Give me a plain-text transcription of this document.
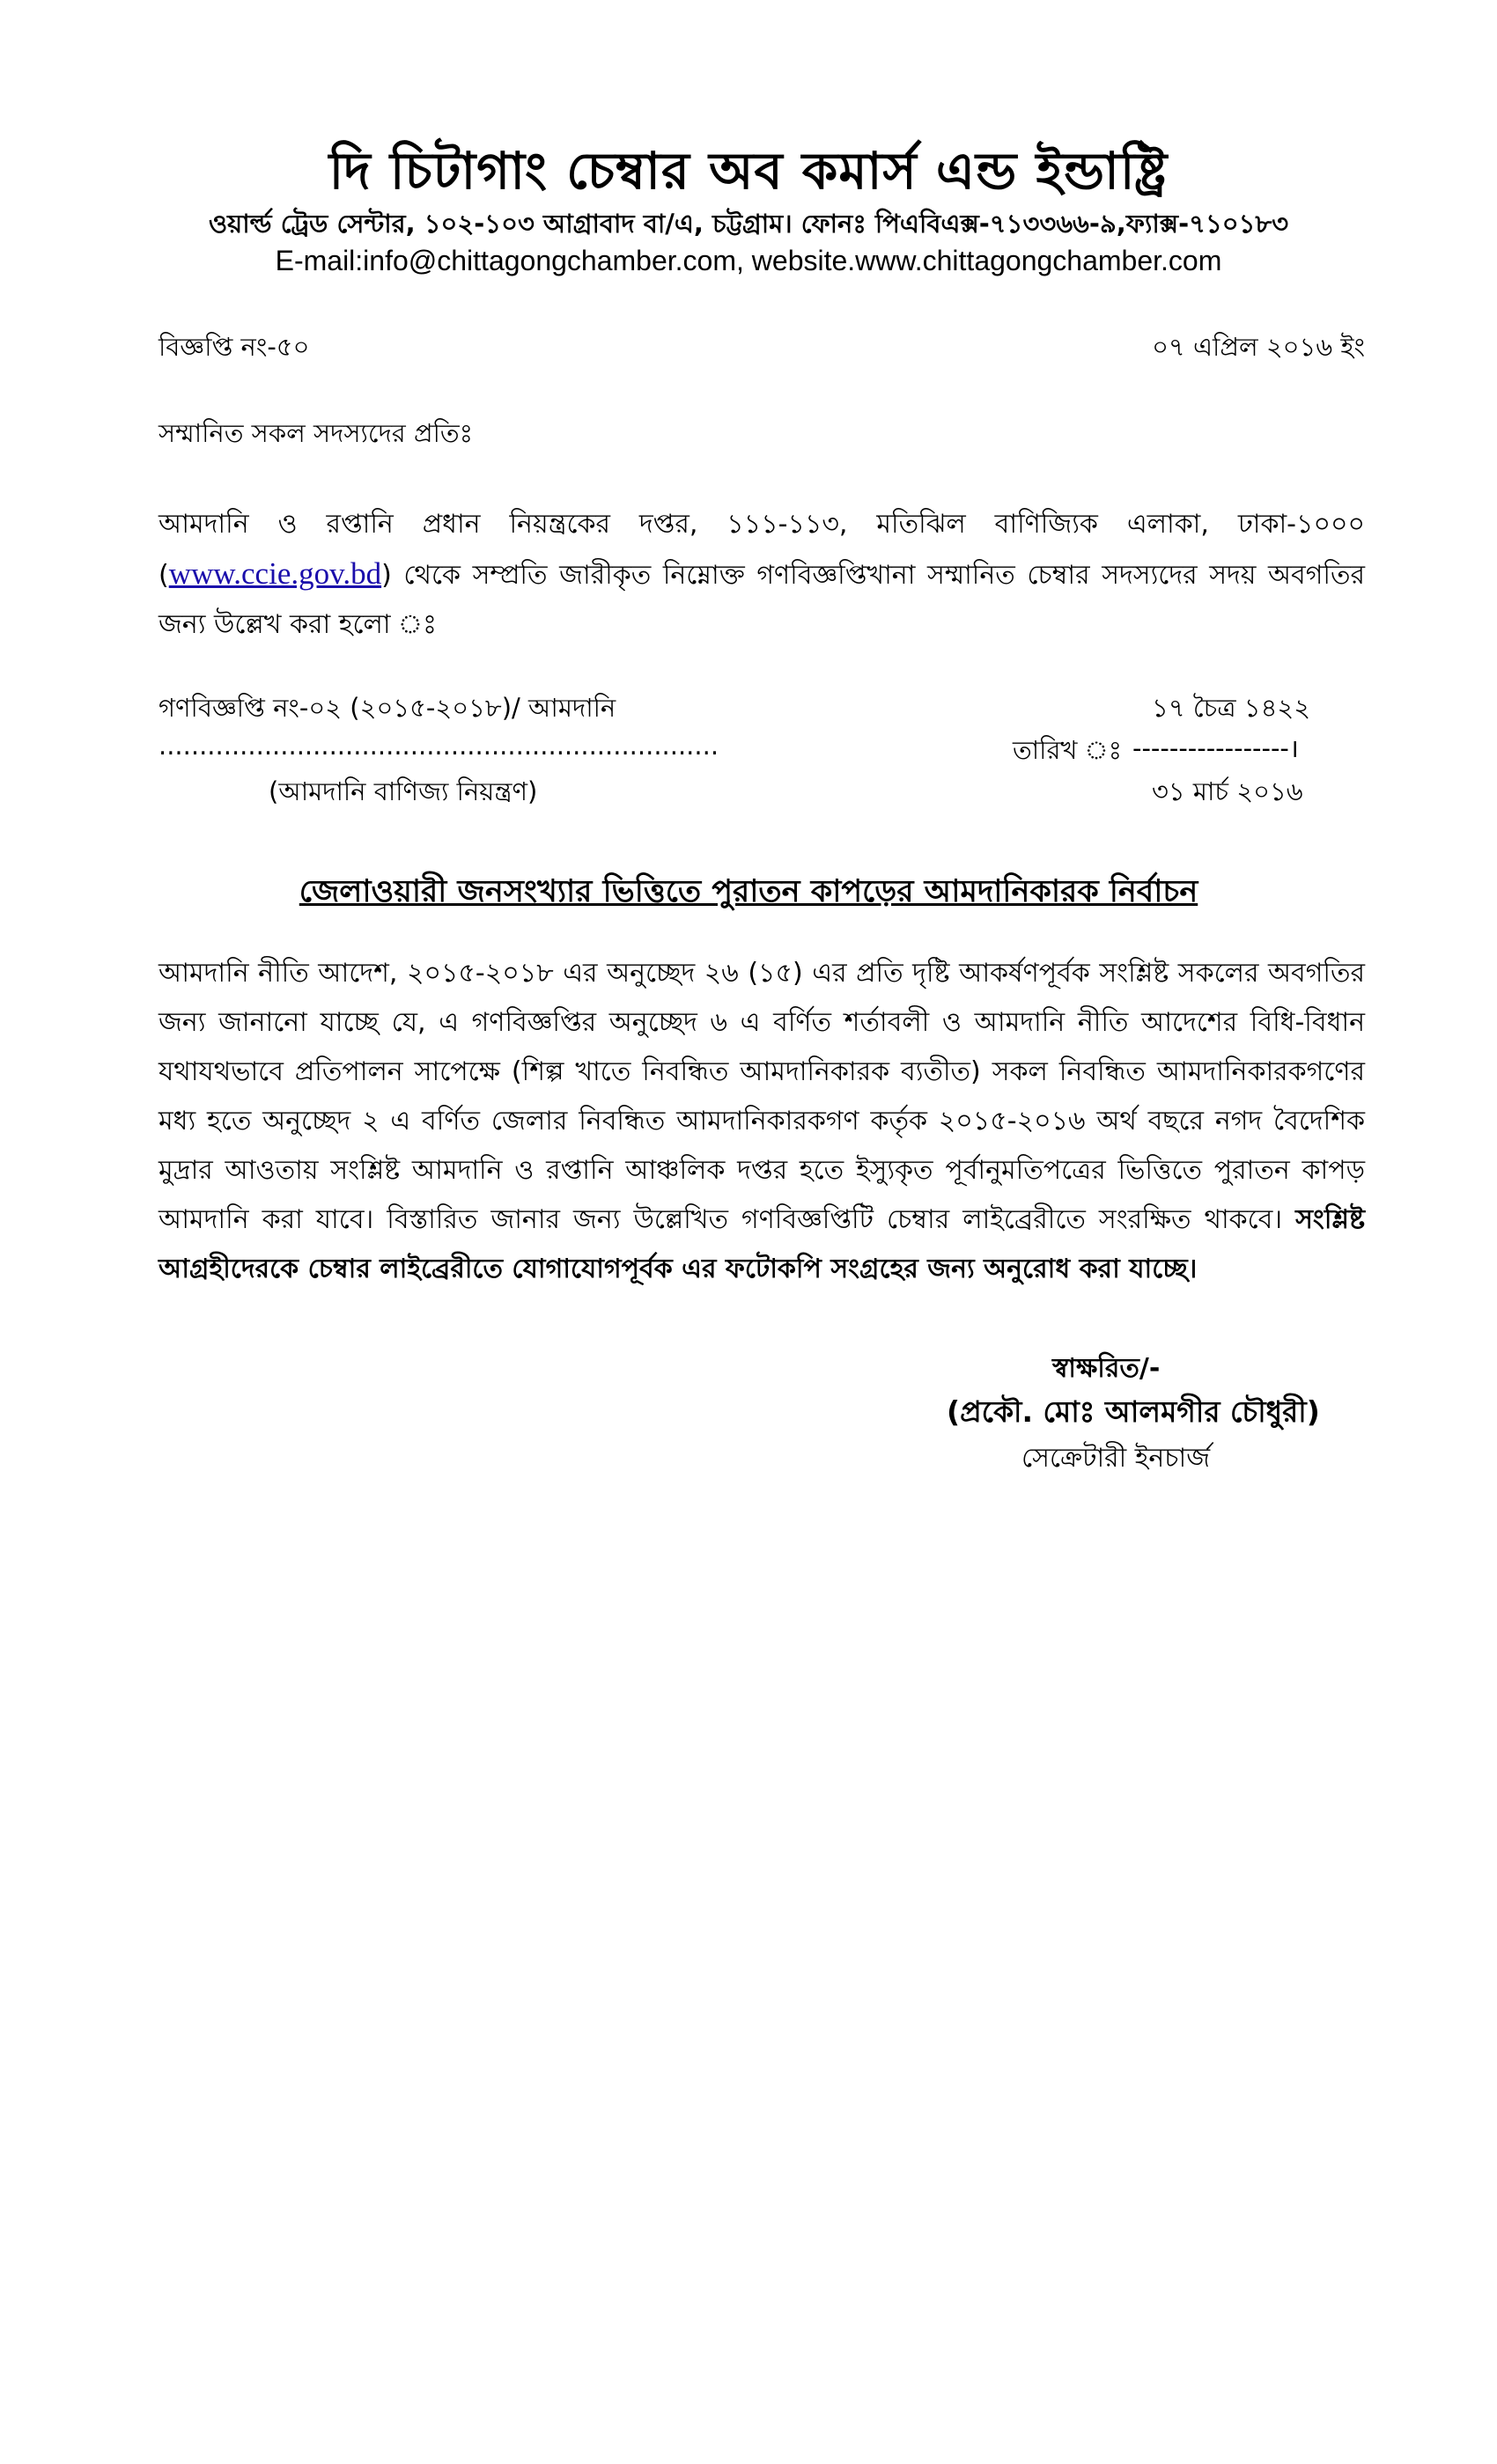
দি চিটাগাং চেম্বার অব কমার্স এন্ড ইন্ডাষ্ট্রি
ওয়ার্ল্ড ট্রেড সেন্টার, ১০২-১০৩ আগ্রাবাদ বা/এ, চট্টগ্রাম। ফোনঃ পিএবিএক্স-৭১৩৩৬৬-৯,ফ্যাক্স-৭১০১৮৩
E-mail:info@chittagongchamber.com, website.www.chittagongchamber.com
বিজ্ঞপ্তি নং-৫০	০৭ এপ্রিল ২০১৬ ইং
সম্মানিত সকল সদস্যদের প্রতিঃ
আমদানি ও রপ্তানি প্রধান নিয়ন্ত্রকের দপ্তর, ১১১-১১৩, মতিঝিল বাণিজ্যিক এলাকা, ঢাকা-১০০০ (www.ccie.gov.bd) থেকে সম্প্রতি জারীকৃত নিম্নোক্ত গণবিজ্ঞপ্তিখানা সম্মানিত চেম্বার সদস্যদের সদয় অবগতির জন্য উল্লেখ করা হলো ঃ
গণবিজ্ঞপ্তি নং-০২ (২০১৫-২০১৮)/ আমদানি
.....................................................................
(আমদানি বাণিজ্য নিয়ন্ত্রণ)
১৭ চৈত্র ১৪২২
তারিখ ঃ -----------------।
৩১ মার্চ ২০১৬
জেলাওয়ারী জনসংখ্যার ভিত্তিতে পুরাতন কাপড়ের আমদানিকারক নির্বাচন
আমদানি নীতি আদেশ, ২০১৫-২০১৮ এর অনুচ্ছেদ ২৬ (১৫) এর প্রতি দৃষ্টি আকর্ষণপূর্বক সংশ্লিষ্ট সকলের অবগতির জন্য জানানো যাচ্ছে যে, এ গণবিজ্ঞপ্তির অনুচ্ছেদ ৬ এ বর্ণিত শর্তাবলী ও আমদানি নীতি আদেশের বিধি-বিধান যথাযথভাবে প্রতিপালন সাপেক্ষে (শিল্প খাতে নিবন্ধিত আমদানিকারক ব্যতীত) সকল নিবন্ধিত আমদানিকারকগণের মধ্য হতে অনুচ্ছেদ ২ এ বর্ণিত জেলার নিবন্ধিত আমদানিকারকগণ কর্তৃক ২০১৫-২০১৬ অর্থ বছরে নগদ বৈদেশিক মুদ্রার আওতায় সংশ্লিষ্ট আমদানি ও রপ্তানি আঞ্চলিক দপ্তর হতে ইস্যুকৃত পূর্বানুমতিপত্রের ভিত্তিতে পুরাতন কাপড় আমদানি করা যাবে। বিস্তারিত জানার জন্য উল্লেখিত গণবিজ্ঞপ্তিটি চেম্বার লাইব্রেরীতে সংরক্ষিত থাকবে। সংশ্লিষ্ট আগ্রহীদেরকে চেম্বার লাইব্রেরীতে যোগাযোগপূর্বক এর ফটোকপি সংগ্রহের জন্য অনুরোধ করা যাচ্ছে।
স্বাক্ষরিত/-
(প্রকৌ. মোঃ আলমগীর চৌধুরী)
সেক্রেটারী ইনচার্জ
